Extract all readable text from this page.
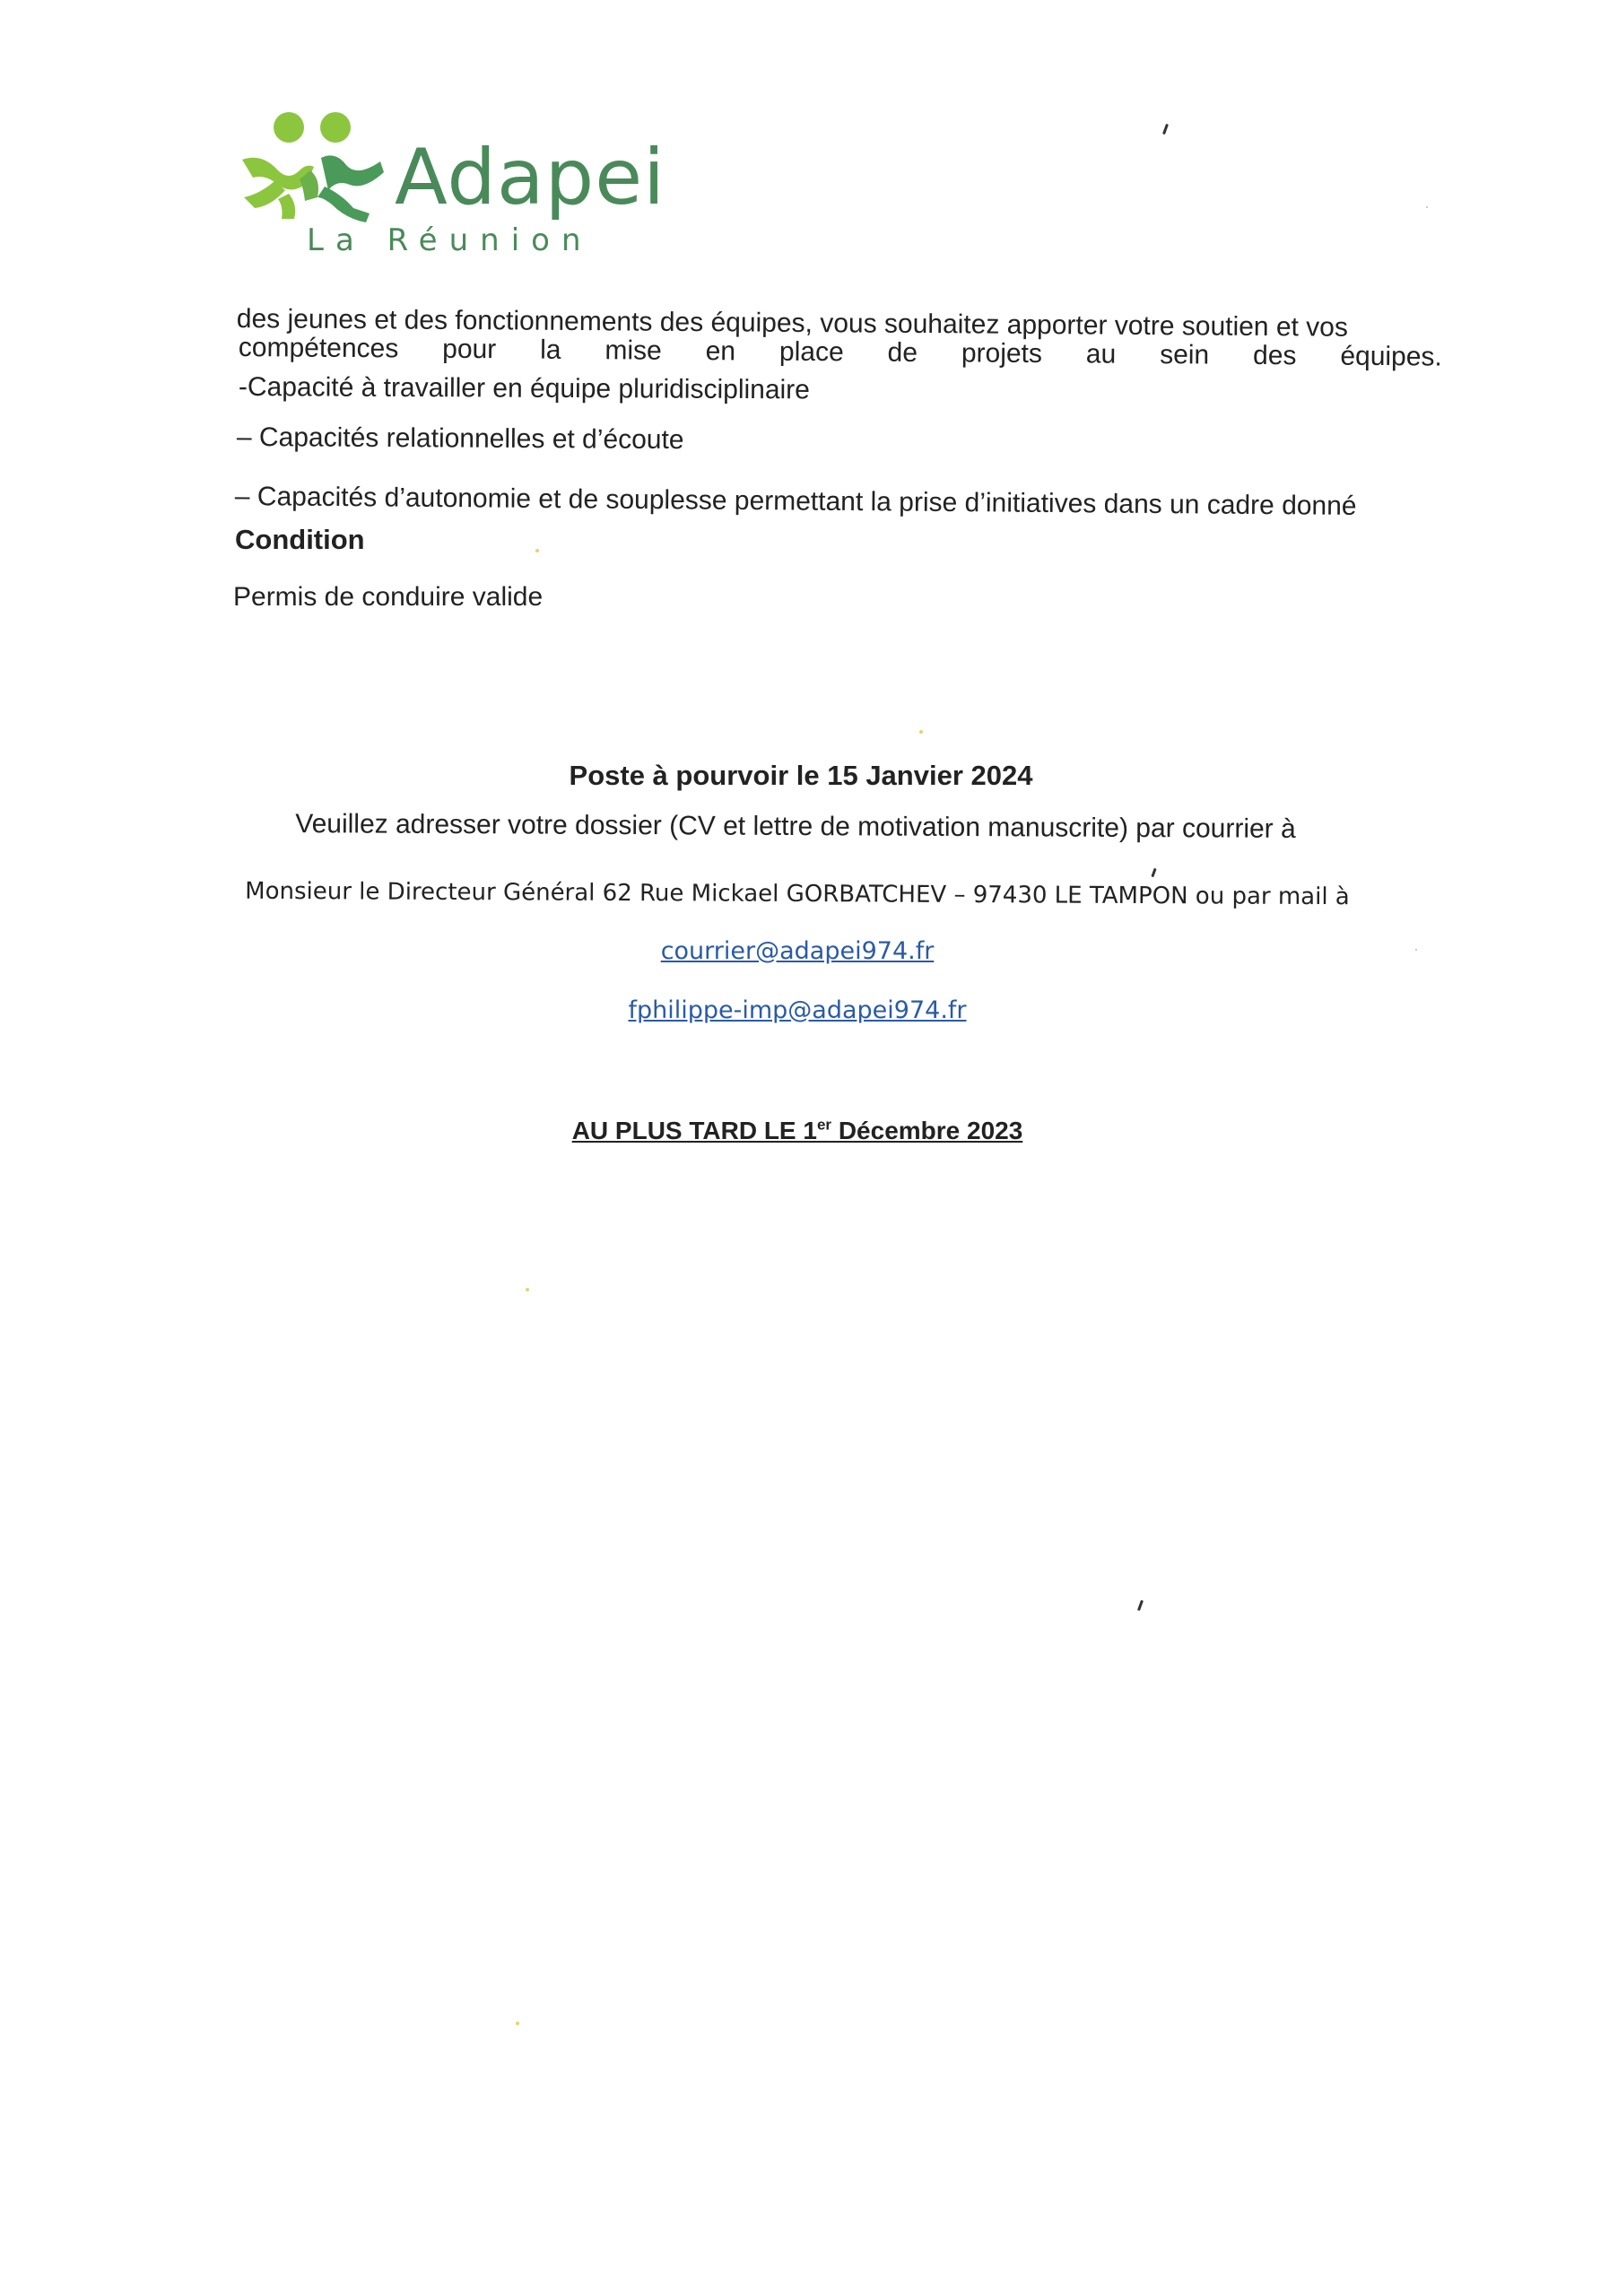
Adapei
La Réunion
des jeunes et des fonctionnements des équipes, vous souhaitez apporter votre soutien et vos
compétences pour la mise en place de projets au sein des équipes.
-Capacité à travailler en équipe pluridisciplinaire
– Capacités relationnelles et d’écoute
– Capacités d’autonomie et de souplesse permettant la prise d’initiatives dans un cadre donné
Condition
Permis de conduire valide
Poste à pourvoir le 15 Janvier 2024
Veuillez adresser votre dossier (CV et lettre de motivation manuscrite) par courrier à
Monsieur le Directeur Général 62 Rue Mickael GORBATCHEV – 97430 LE TAMPON ou par mail à
courrier@adapei974.fr
fphilippe-imp@adapei974.fr
AU PLUS TARD LE 1er Décembre 2023
